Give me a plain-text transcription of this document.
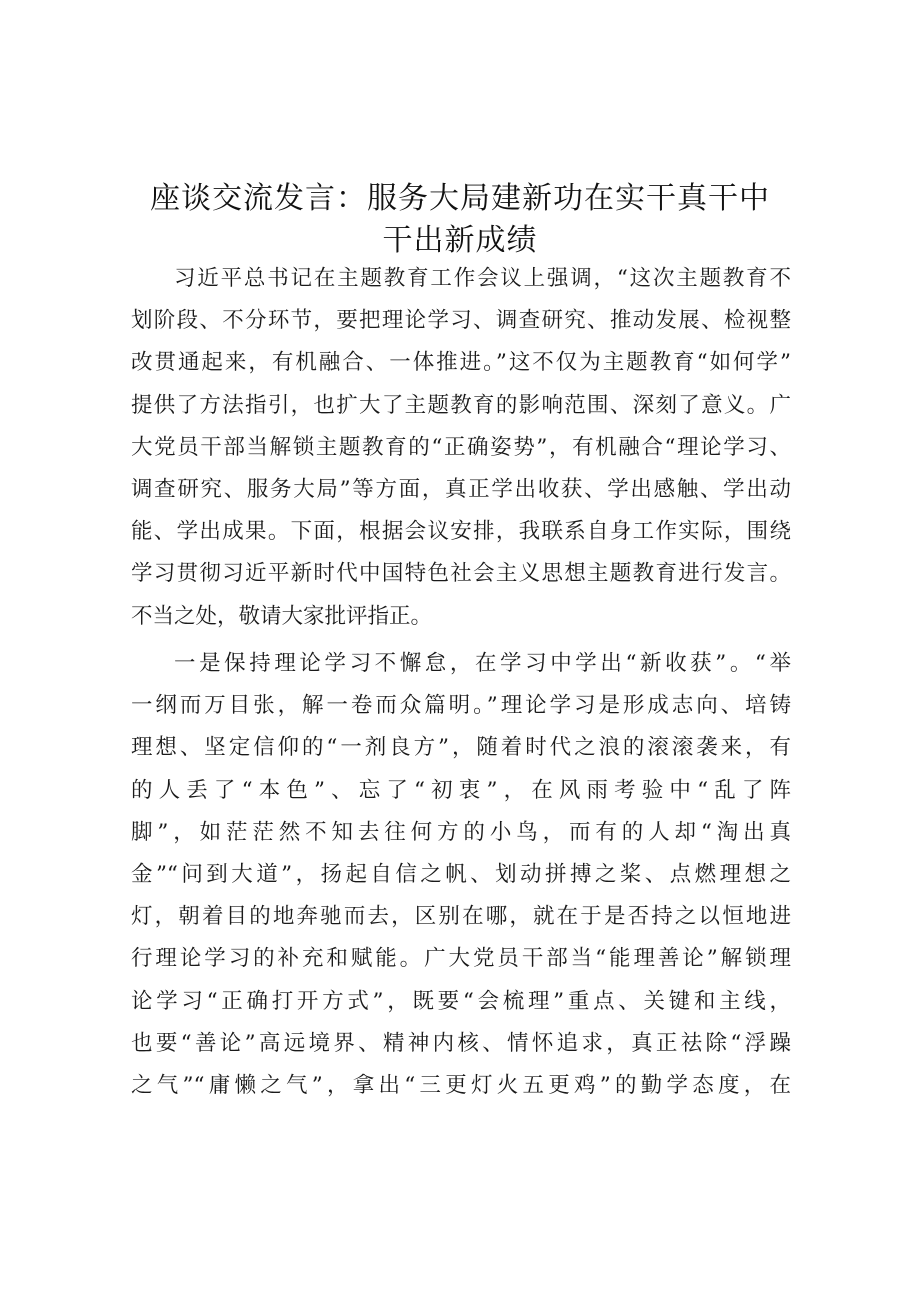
座谈交流发言：服务大局建新功在实干真干中
干出新成绩
习近平总书记在主题教育工作会议上强调，“这次主题教育不
划阶段、不分环节，要把理论学习、调查研究、推动发展、检视整
改贯通起来，有机融合、一体推进。”这不仅为主题教育“如何学”
提供了方法指引，也扩大了主题教育的影响范围、深刻了意义。广
大党员干部当解锁主题教育的“正确姿势”，有机融合“理论学习、
调查研究、服务大局”等方面，真正学出收获、学出感触、学出动
能、学出成果。下面，根据会议安排，我联系自身工作实际，围绕
学习贯彻习近平新时代中国特色社会主义思想主题教育进行发言。
不当之处，敬请大家批评指正。
一是保持理论学习不懈怠，在学习中学出“新收获”。“举
一纲而万目张，解一卷而众篇明。”理论学习是形成志向、培铸
理想、坚定信仰的“一剂良方”，随着时代之浪的滚滚袭来，有
的人丢了“本色”、忘了“初衷”，在风雨考验中“乱了阵
脚”，如茫茫然不知去往何方的小鸟，而有的人却“淘出真
金”“问到大道”，扬起自信之帆、划动拼搏之桨、点燃理想之
灯，朝着目的地奔驰而去，区别在哪，就在于是否持之以恒地进
行理论学习的补充和赋能。广大党员干部当“能理善论”解锁理
论学习“正确打开方式”，既要“会梳理”重点、关键和主线，
也要“善论”高远境界、精神内核、情怀追求，真正祛除“浮躁
之气”“庸懒之气”，拿出“三更灯火五更鸡”的勤学态度，在
